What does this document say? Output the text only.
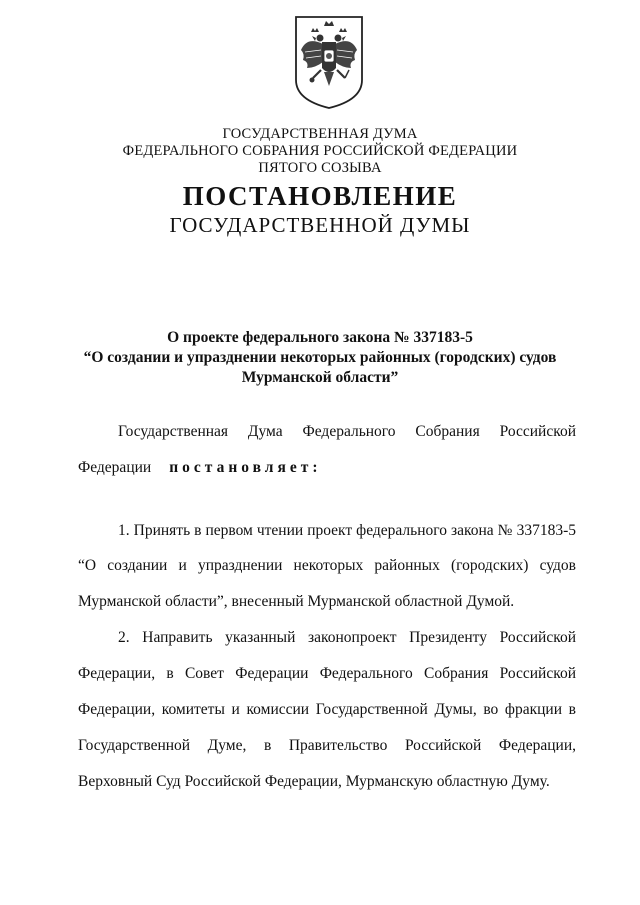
ГОСУДАРСТВЕННАЯ ДУМА
ФЕДЕРАЛЬНОГО СОБРАНИЯ РОССИЙСКОЙ ФЕДЕРАЦИИ
ПЯТОГО СОЗЫВА
ПОСТАНОВЛЕНИЕ
ГОСУДАРСТВЕННОЙ ДУМЫ
О проекте федерального закона № 337183-5
“О создании и упразднении некоторых районных (городских) судов
Мурманской области”
Государственная Дума Федерального Собрания Российской
Федерации постановляет:
1. Принять в первом чтении проект федерального закона № 337183-5
“О создании и упразднении некоторых районных (городских) судов
Мурманской области”, внесенный Мурманской областной Думой.
2. Направить указанный законопроект Президенту Российской
Федерации, в Совет Федерации Федерального Собрания Российской
Федерации, комитеты и комиссии Государственной Думы, во фракции в
Государственной Думе, в Правительство Российской Федерации,
Верховный Суд Российской Федерации, Мурманскую областную Думу.
